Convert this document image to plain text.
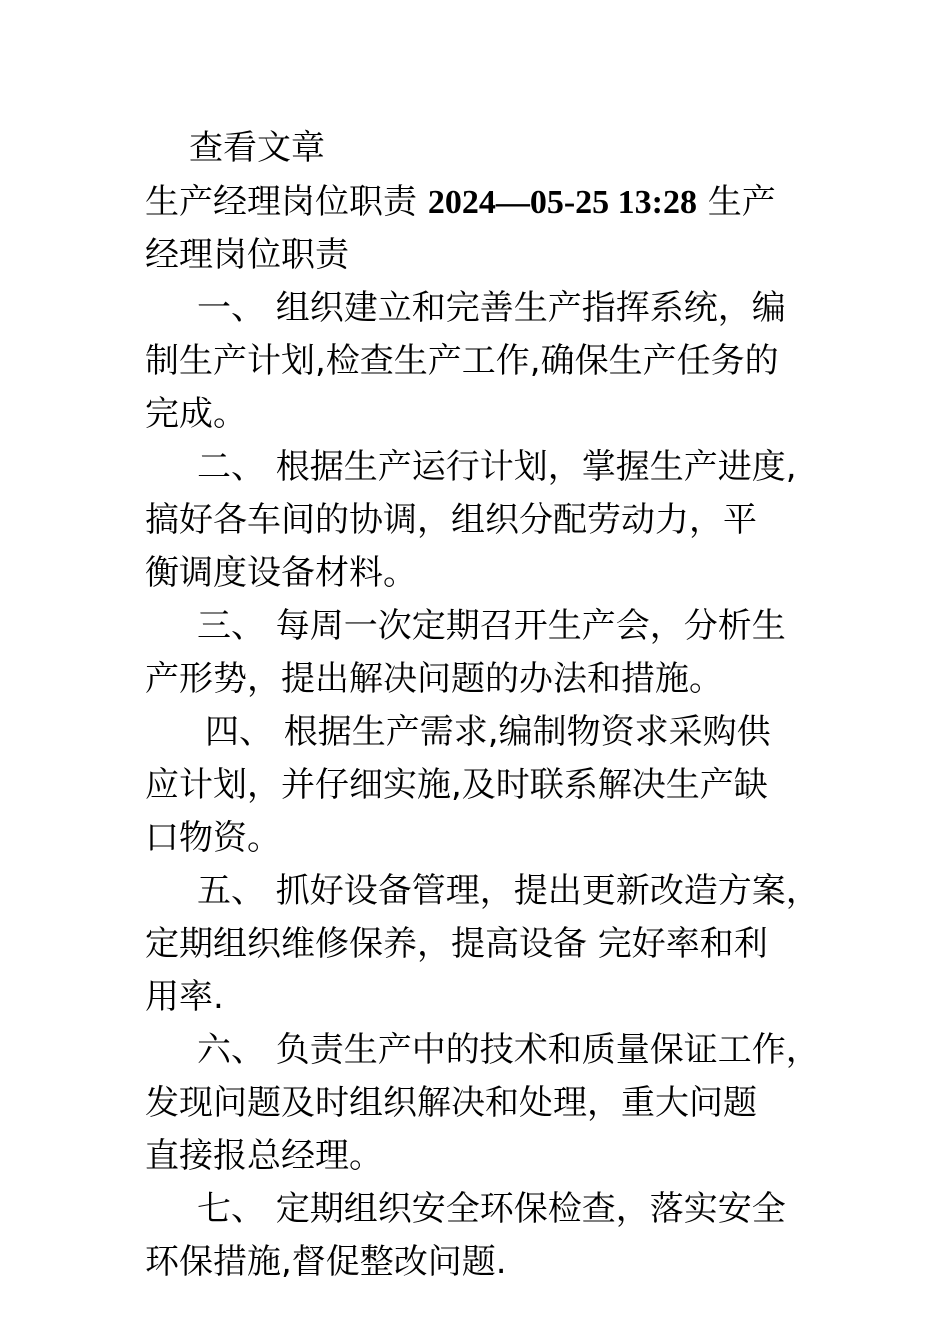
查看文章
生产经理岗位职责 2024—05-25 13:28 生产
经理岗位职责
一、 组织建立和完善生产指挥系统，编
制生产计划,检查生产工作,确保生产任务的
完成。
二、 根据生产运行计划，掌握生产进度,
搞好各车间的协调，组织分配劳动力，平
衡调度设备材料。
三、 每周一次定期召开生产会，分析生
产形势，提出解决问题的办法和措施。
四、 根据生产需求,编制物资求采购供
应计划，并仔细实施,及时联系解决生产缺
口物资。
五、 抓好设备管理，提出更新改造方案，
定期组织维修保养，提高设备 完好率和利
用率.
六、 负责生产中的技术和质量保证工作，
发现问题及时组织解决和处理，重大问题
直接报总经理。
七、 定期组织安全环保检查，落实安全
环保措施,督促整改问题.
